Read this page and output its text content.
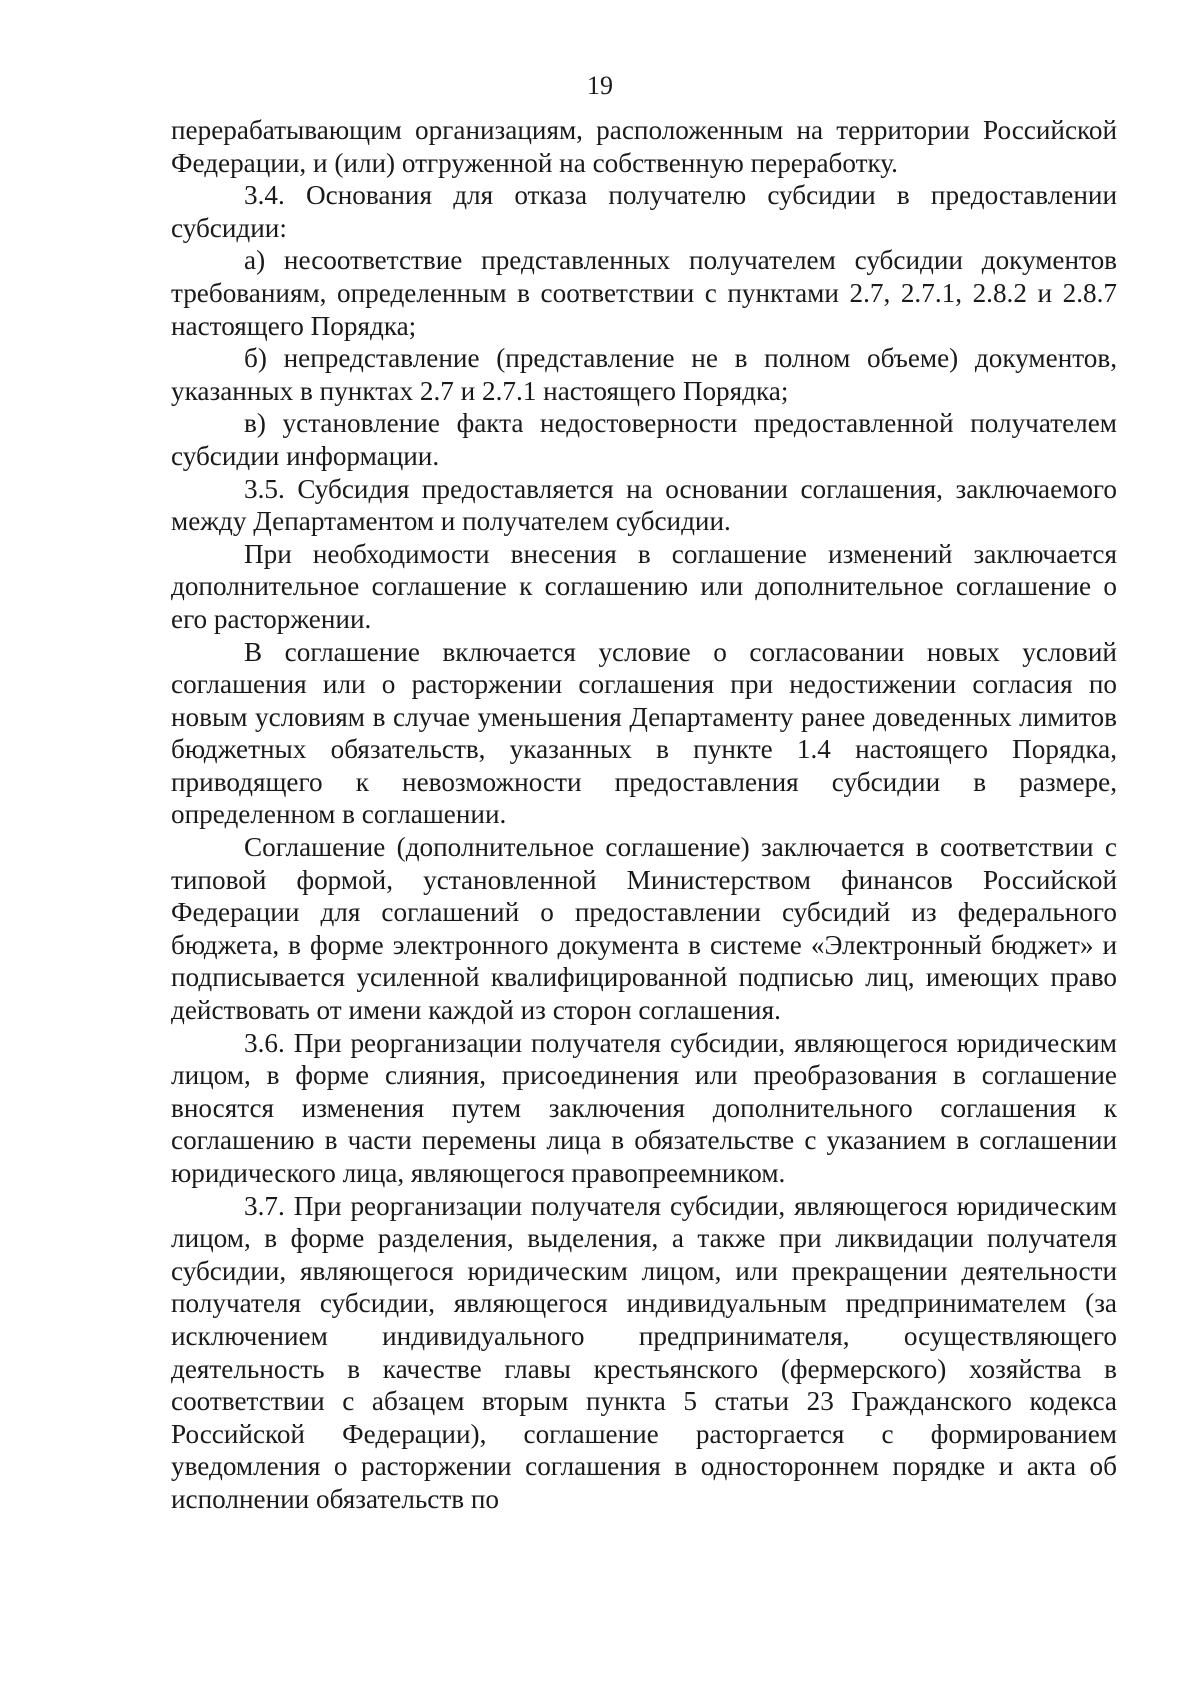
19

перерабатывающим организациям, расположенным на территории Российской Федерации, и (или) отгруженной на собственную переработку.

3.4. Основания для отказа получателю субсидии в предоставлении субсидии:

а) несоответствие представленных получателем субсидии документов требованиям, определенным в соответствии с пунктами 2.7, 2.7.1, 2.8.2 и 2.8.7 настоящего Порядка;

б) непредставление (представление не в полном объеме) документов, указанных в пунктах 2.7 и 2.7.1 настоящего Порядка;

в) установление факта недостоверности предоставленной получателем субсидии информации.

3.5. Субсидия предоставляется на основании соглашения, заключаемого между Департаментом и получателем субсидии.

При необходимости внесения в соглашение изменений заключается дополнительное соглашение к соглашению или дополнительное соглашение о его расторжении.

В соглашение включается условие о согласовании новых условий соглашения или о расторжении соглашения при недостижении согласия по новым условиям в случае уменьшения Департаменту ранее доведенных лимитов бюджетных обязательств, указанных в пункте 1.4 настоящего Порядка, приводящего к невозможности предоставления субсидии в размере, определенном в соглашении.

Соглашение (дополнительное соглашение) заключается в соответствии с типовой формой, установленной Министерством финансов Российской Федерации для соглашений о предоставлении субсидий из федерального бюджета, в форме электронного документа в системе «Электронный бюджет» и подписывается усиленной квалифицированной подписью лиц, имеющих право действовать от имени каждой из сторон соглашения.

3.6. При реорганизации получателя субсидии, являющегося юридическим лицом, в форме слияния, присоединения или преобразования в соглашение вносятся изменения путем заключения дополнительного соглашения к соглашению в части перемены лица в обязательстве с указанием в соглашении юридического лица, являющегося правопреемником.

3.7. При реорганизации получателя субсидии, являющегося юридическим лицом, в форме разделения, выделения, а также при ликвидации получателя субсидии, являющегося юридическим лицом, или прекращении деятельности получателя субсидии, являющегося индивидуальным предпринимателем (за исключением индивидуального предпринимателя, осуществляющего деятельность в качестве главы крестьянского (фермерского) хозяйства в соответствии с абзацем вторым пункта 5 статьи 23 Гражданского кодекса Российской Федерации), соглашение расторгается с формированием уведомления о расторжении соглашения в одностороннем порядке и акта об исполнении обязательств по
